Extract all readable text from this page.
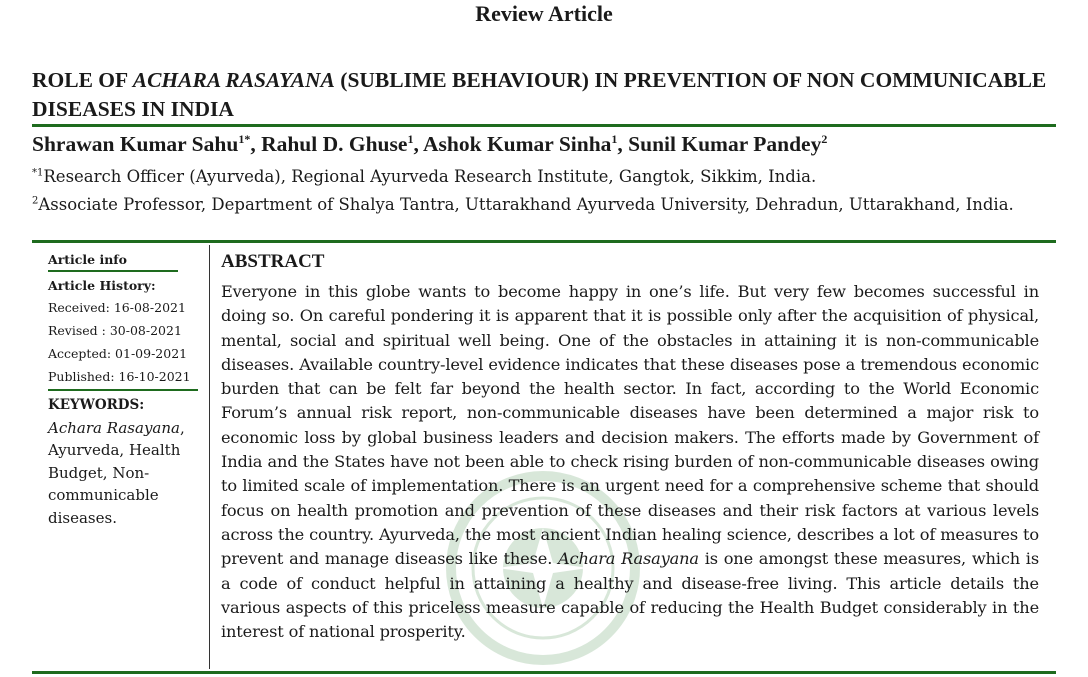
Review Article
ROLE OF ACHARA RASAYANA (SUBLIME BEHAVIOUR) IN PREVENTION OF NON COMMUNICABLE DISEASES IN INDIA
Shrawan Kumar Sahu$^{1*}$, Rahul D. Ghuse$^1$, Ashok Kumar Sinha$^1$, Sunil Kumar Pandey$^2$
$^{*1}$Research Officer (Ayurveda), Regional Ayurveda Research Institute, Gangtok, Sikkim, India.
$^2$Associate Professor, Department of Shalya Tantra, Uttarakhand Ayurveda University, Dehradun, Uttarakhand, India.
Article info
Article History:
Received: 16-08-2021
Revised : 30-08-2021
Accepted: 01-09-2021
Published: 16-10-2021
KEYWORDS:
Achara Rasayana, Ayurveda, Health Budget, Non-communicable diseases.
ABSTRACT
Everyone in this globe wants to become happy in one’s life. But very few becomes successful in doing so. On careful pondering it is apparent that it is possible only after the acquisition of physical, mental, social and spiritual well being. One of the obstacles in attaining it is non-communicable diseases. Available country-level evidence indicates that these diseases pose a tremendous economic burden that can be felt far beyond the health sector. In fact, according to the World Economic Forum’s annual risk report, non-communicable diseases have been determined a major risk to economic loss by global business leaders and decision makers. The efforts made by Government of India and the States have not been able to check rising burden of non-communicable diseases owing to limited scale of implementation. There is an urgent need for a comprehensive scheme that should focus on health promotion and prevention of these diseases and their risk factors at various levels across the country. Ayurveda, the most ancient Indian healing science, describes a lot of measures to prevent and manage diseases like these. Achara Rasayana is one amongst these measures, which is a code of conduct helpful in attaining a healthy and disease-free living. This article details the various aspects of this priceless measure capable of reducing the Health Budget considerably in the interest of national prosperity.
